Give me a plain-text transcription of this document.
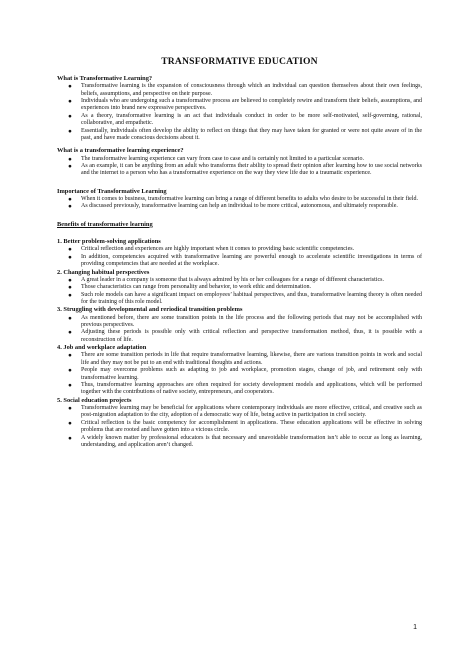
TRANSFORMATIVE EDUCATION
What is Transformative Learning?
● Transformative learning is the expansion of consciousness through which an individual can question themselves about their own feelings, beliefs, assumptions, and perspective on their purpose.
● Individuals who are undergoing such a transformative process are believed to completely rewire and transform their beliefs, assumptions, and experiences into brand new expressive perspectives.
● As a theory, transformative learning is an act that individuals conduct in order to be more self-motivated, self-governing, rational, collaborative, and empathetic.
● Essentially, individuals often develop the ability to reflect on things that they may have taken for granted or were not quite aware of in the past, and have made conscious decisions about it.
What is a transformative learning experience?
● The transformative learning experience can vary from case to case and is certainly not limited to a particular scenario.
● As an example, it can be anything from an adult who transforms their ability to spread their opinion after learning how to use social networks and the internet to a person who has a transformative experience on the way they view life due to a traumatic experience.
Importance of Transformative Learning
● When it comes to business, transformative learning can bring a range of different benefits to adults who desire to be successful in their field.
● As discussed previously, transformative learning can help an individual to be more critical, autonomous, and ultimately responsible.
Benefits of transformative learning
1. Better problem-solving applications
● Critical reflection and experiences are highly important when it comes to providing basic scientific competencies.
● In addition, competencies acquired with transformative learning are powerful enough to accelerate scientific investigations in terms of providing competencies that are needed at the workplace.
2. Changing habitual perspectives
● A great leader in a company is someone that is always admired by his or her colleagues for a range of different characteristics.
● Those characteristics can range from personality and behavior, to work ethic and determination.
● Such role models can have a significant impact on employees’ habitual perspectives, and thus, transformative learning theory is often needed for the training of this role model.
3. Struggling with developmental and reriodical transition problems
● As mentioned before, there are some transition points in the life process and the following periods that may not be accomplished with previous perspectives.
● Adjusting these periods is possible only with critical reflection and perspective transformation method, thus, it is possible with a reconstruction of life.
4. Job and workplace adaptation
● There are some transition periods in life that require transformative learning, likewise, there are various transition points in work and social life and they may not be put to an end with traditional thoughts and actions.
● People may overcome problems such as adapting to job and workplace, promotion stages, change of job, and retirement only with transformative learning.
● Thus, transformative learning approaches are often required for society development models and applications, which will be performed together with the contributions of native society, entrepreneurs, and cooperators.
5. Social education projects
● Transformative learning may be beneficial for applications where contemporary individuals are more effective, critical, and creative such as post-migration adaptation to the city, adoption of a democratic way of life, being active in participation in civil society.
● Critical reflection is the basic competency for accomplishment in applications. These education applications will be effective in solving problems that are rooted and have gotten into a vicious circle.
● A widely known matter by professional educators is that necessary and unavoidable transformation isn’t able to occur as long as learning, understanding, and application aren’t changed.
1
